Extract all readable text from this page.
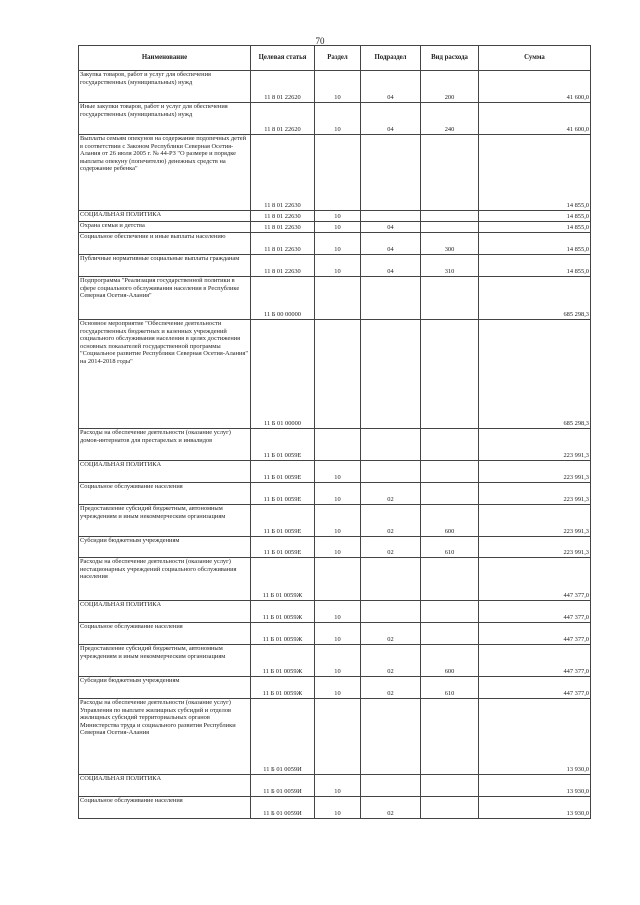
70
Наименование	Целевая статья	Раздел	Подраздел	Вид расхода	Сумма
Закупка товаров, работ и услуг для обеспечения государственных (муниципальных) нужд	11 8 01 22620	10	04	200	41 600,0
Иные закупки товаров, работ и услуг для обеспечения государственных (муниципальных) нужд	11 8 01 22620	10	04	240	41 600,0
Выплаты семьям опекунов на содержание подопечных детей в соответствии с Законом Республики Северная Осетия-Алания от 26 июля 2005 г. № 44-РЗ "О размере и порядке выплаты опекуну (попечителю) денежных средств на содержание ребенка"	11 8 01 22630				14 855,0
СОЦИАЛЬНАЯ ПОЛИТИКА	11 8 01 22630	10			14 855,0
Охрана семьи и детства	11 8 01 22630	10	04		14 855,0
Социальное обеспечение и иные выплаты населению	11 8 01 22630	10	04	300	14 855,0
Публичные нормативные социальные выплаты гражданам	11 8 01 22630	10	04	310	14 855,0
Подпрограмма "Реализация государственной политики в сфере социального обслуживания населения в Республике Северная Осетия-Алания"	11 Б 00 00000				685 298,3
Основное мероприятие "Обеспечение деятельности государственных бюджетных и казенных учреждений социального обслуживания населения в целях достижения основных показателей государственной программы "Социальное развитие Республики Северная Осетия-Алания" на 2014-2018 годы"	11 Б 01 00000				685 298,3
Расходы на обеспечение деятельности (оказание услуг) домов-интернатов для престарелых и инвалидов	11 Б 01 0059Е				223 991,3
СОЦИАЛЬНАЯ ПОЛИТИКА	11 Б 01 0059Е	10			223 991,3
Социальное обслуживание населения	11 Б 01 0059Е	10	02		223 991,3
Предоставление субсидий бюджетным, автономным учреждениям и иным некоммерческим организациям	11 Б 01 0059Е	10	02	600	223 991,3
Субсидии бюджетным учреждениям	11 Б 01 0059Е	10	02	610	223 991,3
Расходы на обеспечение деятельности (оказание услуг) нестационарных учреждений социального обслуживания населения	11 Б 01 0059Ж				447 377,0
СОЦИАЛЬНАЯ ПОЛИТИКА	11 Б 01 0059Ж	10			447 377,0
Социальное обслуживание населения	11 Б 01 0059Ж	10	02		447 377,0
Предоставление субсидий бюджетным, автономным учреждениям и иным некоммерческим организациям	11 Б 01 0059Ж	10	02	600	447 377,0
Субсидии бюджетным учреждениям	11 Б 01 0059Ж	10	02	610	447 377,0
Расходы на обеспечение деятельности (оказание услуг) Управления по выплате жилищных субсидий и отделов жилищных субсидий территориальных органов Министерства труда и социального развития Республики Северная Осетия-Алания	11 Б 01 0059И				13 930,0
СОЦИАЛЬНАЯ ПОЛИТИКА	11 Б 01 0059И	10			13 930,0
Социальное обслуживание населения	11 Б 01 0059И	10	02		13 930,0
